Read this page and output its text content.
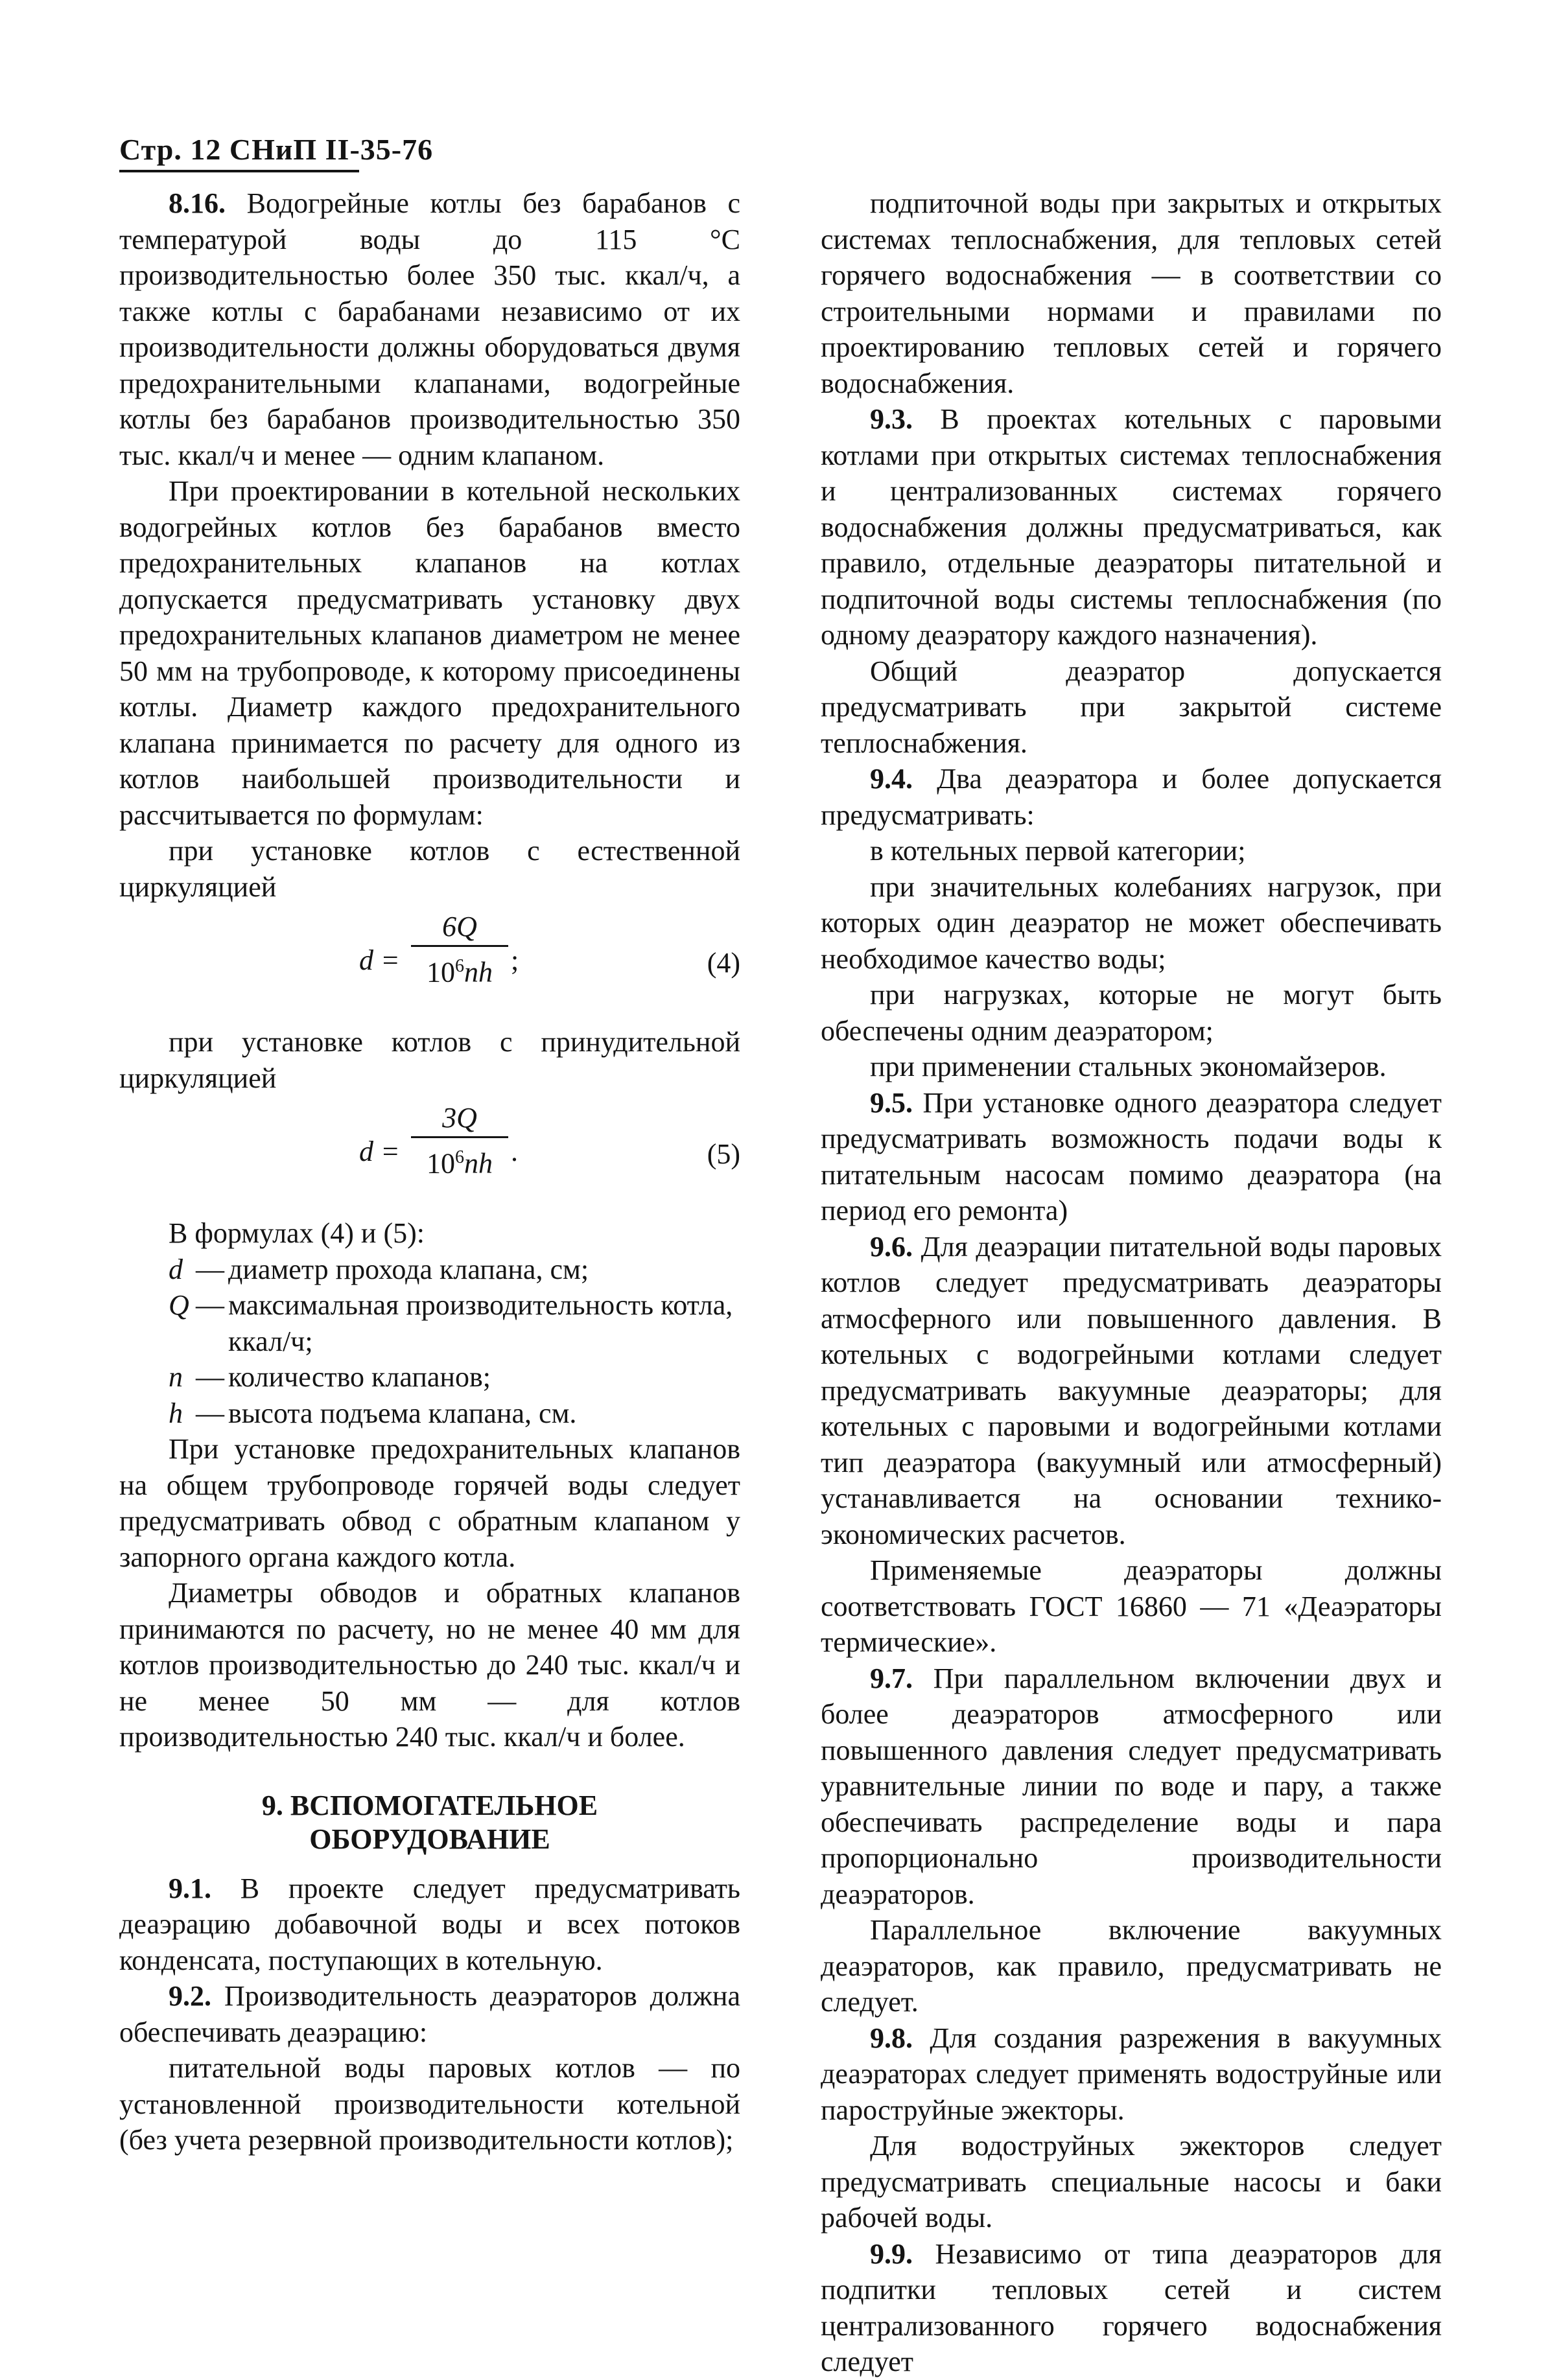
Стр. 12 СНиП II-35-76

8.16. Водогрейные котлы без барабанов с температурой воды до 115 °С производительностью более 350 тыс. ккал/ч, а также котлы с барабанами независимо от их производительности должны оборудоваться двумя предохранительными клапанами, водогрейные котлы без барабанов производительностью 350 тыс. ккал/ч и менее — одним клапаном.

При проектировании в котельной нескольких водогрейных котлов без барабанов вместо предохранительных клапанов на котлах допускается предусматривать установку двух предохранительных клапанов диаметром не менее 50 мм на трубопроводе, к которому присоединены котлы. Диаметр каждого предохранительного клапана принимается по расчету для одного из котлов наибольшей производительности и рассчитывается по формулам:

при установке котлов с естественной циркуляцией

$d = \frac{6Q}{10^6nh}$ ;	(4)

при установке котлов с принудительной циркуляцией

$d = \frac{3Q}{10^6nh}$ .	(5)

В формулах (4) и (5):

d — диаметр прохода клапана, см;
Q — максимальная производительность котла, ккал/ч;
n — количество клапанов;
h — высота подъема клапана, см.

При установке предохранительных клапанов на общем трубопроводе горячей воды следует предусматривать обвод с обратным клапаном у запорного органа каждого котла.

Диаметры обводов и обратных клапанов принимаются по расчету, но не менее 40 мм для котлов производительностью до 240 тыс. ккал/ч и не менее 50 мм — для котлов производительностью 240 тыс. ккал/ч и более.

9. ВСПОМОГАТЕЛЬНОЕ
ОБОРУДОВАНИЕ

9.1. В проекте следует предусматривать деаэрацию добавочной воды и всех потоков конденсата, поступающих в котельную.

9.2. Производительность деаэраторов должна обеспечивать деаэрацию:

питательной воды паровых котлов — по установленной производительности котельной (без учета резервной производительности котлов);

подпиточной воды при закрытых и открытых системах теплоснабжения, для тепловых сетей горячего водоснабжения — в соответствии со строительными нормами и правилами по проектированию тепловых сетей и горячего водоснабжения.

9.3. В проектах котельных с паровыми котлами при открытых системах теплоснабжения и централизованных системах горячего водоснабжения должны предусматриваться, как правило, отдельные деаэраторы питательной и подпиточной воды системы теплоснабжения (по одному деаэратору каждого назначения).

Общий деаэратор допускается предусматривать при закрытой системе теплоснабжения.

9.4. Два деаэратора и более допускается предусматривать:

в котельных первой категории;

при значительных колебаниях нагрузок, при которых один деаэратор не может обеспечивать необходимое качество воды;

при нагрузках, которые не могут быть обеспечены одним деаэратором;

при применении стальных экономайзеров.

9.5. При установке одного деаэратора следует предусматривать возможность подачи воды к питательным насосам помимо деаэратора (на период его ремонта)

9.6. Для деаэрации питательной воды паровых котлов следует предусматривать деаэраторы атмосферного или повышенного давления. В котельных с водогрейными котлами следует предусматривать вакуумные деаэраторы; для котельных с паровыми и водогрейными котлами тип деаэратора (вакуумный или атмосферный) устанавливается на основании технико-экономических расчетов.

Применяемые деаэраторы должны соответствовать ГОСТ 16860 — 71 «Деаэраторы термические».

9.7. При параллельном включении двух и более деаэраторов атмосферного или повышенного давления следует предусматривать уравнительные линии по воде и пару, а также обеспечивать распределение воды и пара пропорционально производительности деаэраторов.

Параллельное включение вакуумных деаэраторов, как правило, предусматривать не следует.

9.8. Для создания разрежения в вакуумных деаэраторах следует применять водоструйные или пароструйные эжекторы.

Для водоструйных эжекторов следует предусматривать специальные насосы и баки рабочей воды.

9.9. Независимо от типа деаэраторов для подпитки тепловых сетей и систем централизованного горячего водоснабжения следует
